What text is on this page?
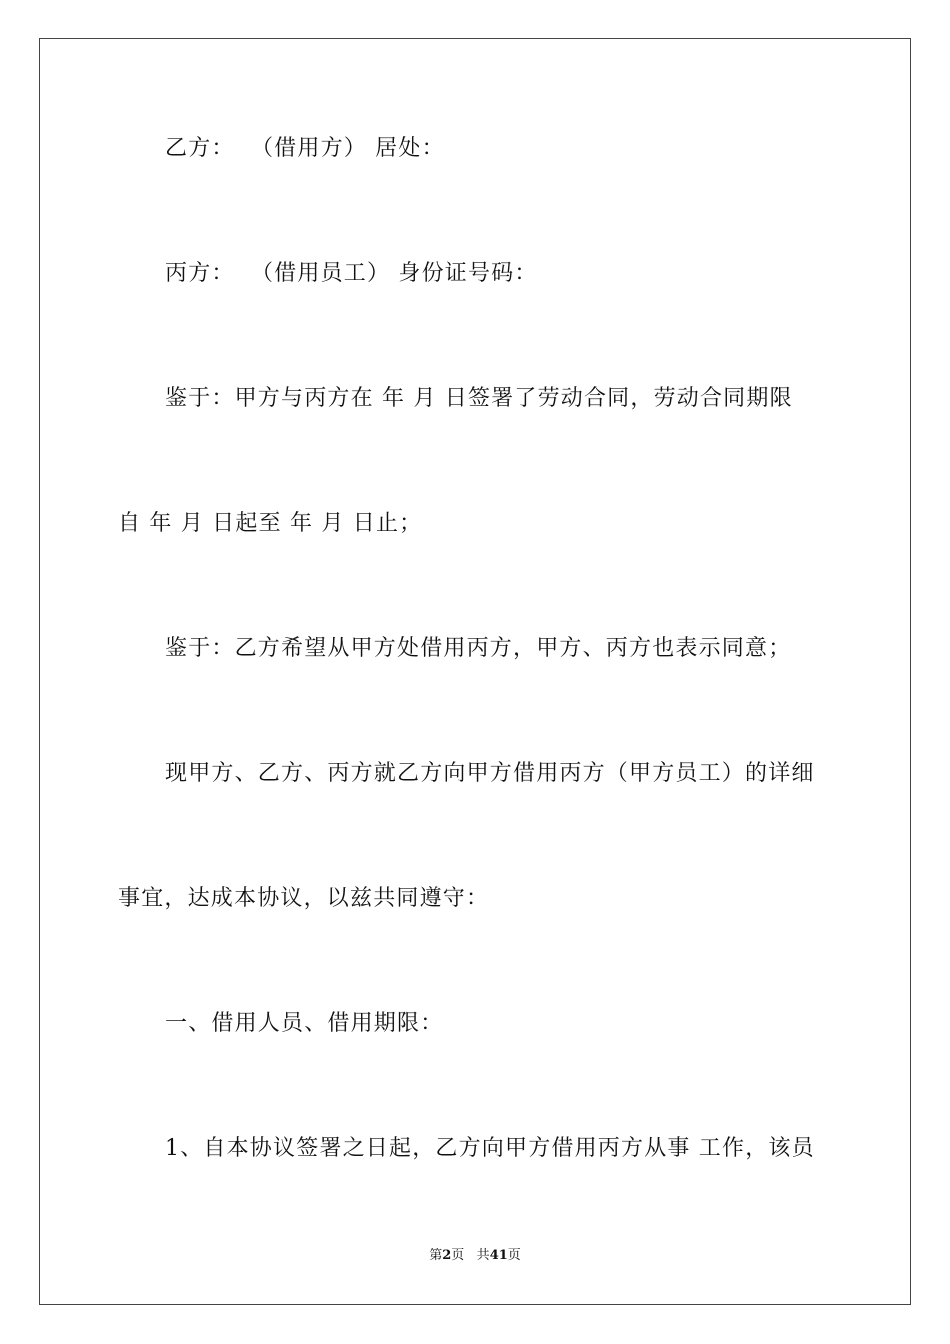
乙方：  （借用方） 居处：
丙方：  （借用员工） 身份证号码：
鉴于：甲方与丙方在 年 月 日签署了劳动合同，劳动合同期限
自 年 月 日起至 年 月 日止；
鉴于：乙方希望从甲方处借用丙方，甲方、丙方也表示同意；
现甲方、乙方、丙方就乙方向甲方借用丙方（甲方员工）的详细
事宜，达成本协议，以兹共同遵守：
一、借用人员、借用期限：
1、自本协议签署之日起，乙方向甲方借用丙方从事 工作，该员
第2页 共41页
